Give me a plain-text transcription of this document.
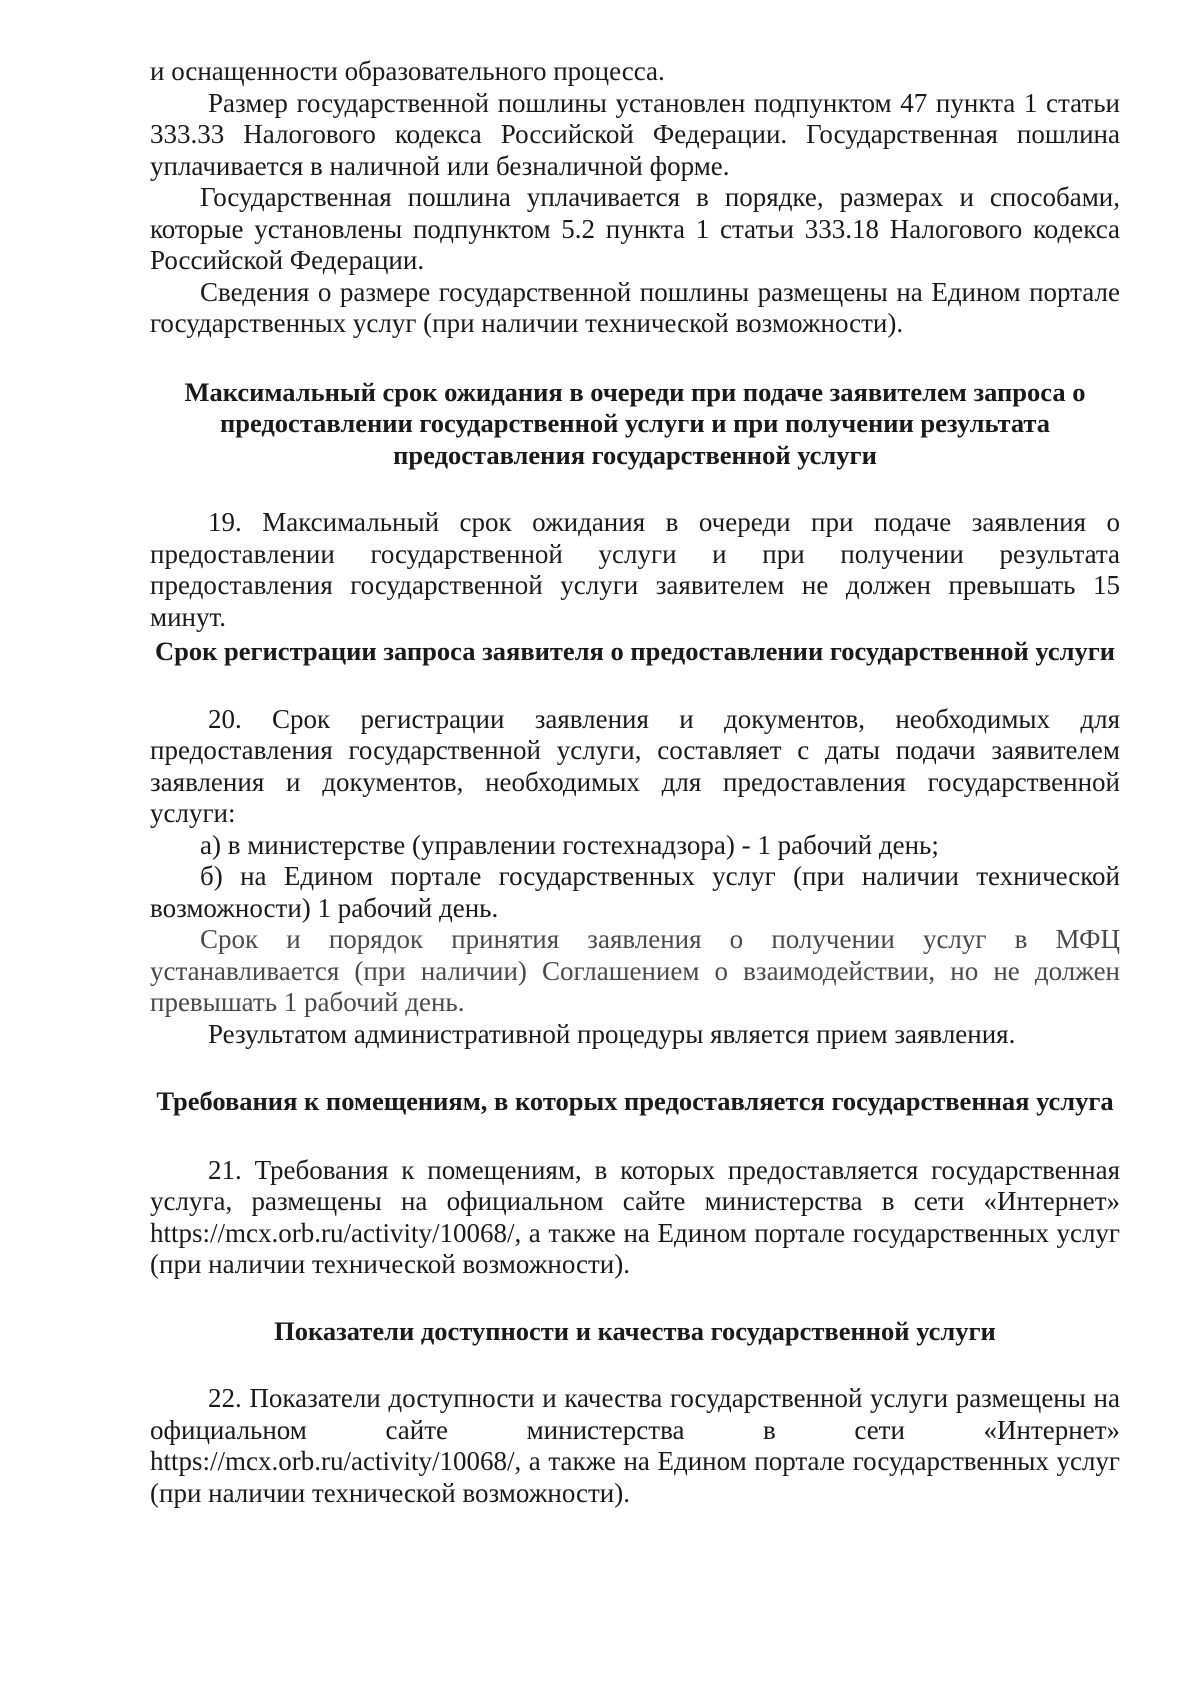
и оснащенности образовательного процесса.

Размер государственной пошлины установлен подпунктом 47 пункта 1 статьи 333.33 Налогового кодекса Российской Федерации. Государственная пошлина уплачивается в наличной или безналичной форме.

Государственная пошлина уплачивается в порядке, размерах и способами, которые установлены подпунктом 5.2 пункта 1 статьи 333.18 Налогового кодекса Российской Федерации.

Сведения о размере государственной пошлины размещены на Едином портале государственных услуг (при наличии технической возможности).

Максимальный срок ожидания в очереди при подаче заявителем запроса о предоставлении государственной услуги и при получении результата предоставления государственной услуги

19. Максимальный срок ожидания в очереди при подаче заявления о предоставлении государственной услуги и при получении результата предоставления государственной услуги заявителем не должен превышать 15 минут.

Срок регистрации запроса заявителя о предоставлении государственной услуги

20. Срок регистрации заявления и документов, необходимых для предоставления государственной услуги, составляет с даты подачи заявителем заявления и документов, необходимых для предоставления государственной услуги:

а) в министерстве (управлении гостехнадзора) - 1 рабочий день;

б) на Едином портале государственных услуг (при наличии технической возможности) 1 рабочий день.

Срок и порядок принятия заявления о получении услуг в МФЦ устанавливается (при наличии) Соглашением о взаимодействии, но не должен превышать 1 рабочий день.

Результатом административной процедуры является прием заявления.

Требования к помещениям, в которых предоставляется государственная услуга

21. Требования к помещениям, в которых предоставляется государственная услуга, размещены на официальном сайте министерства в сети «Интернет» https://mcx.orb.ru/activity/10068/, а также на Едином портале государственных услуг (при наличии технической возможности).

Показатели доступности и качества государственной услуги

22. Показатели доступности и качества государственной услуги размещены на официальном сайте министерства в сети «Интернет» https://mcx.orb.ru/activity/10068/, а также на Едином портале государственных услуг (при наличии технической возможности).
